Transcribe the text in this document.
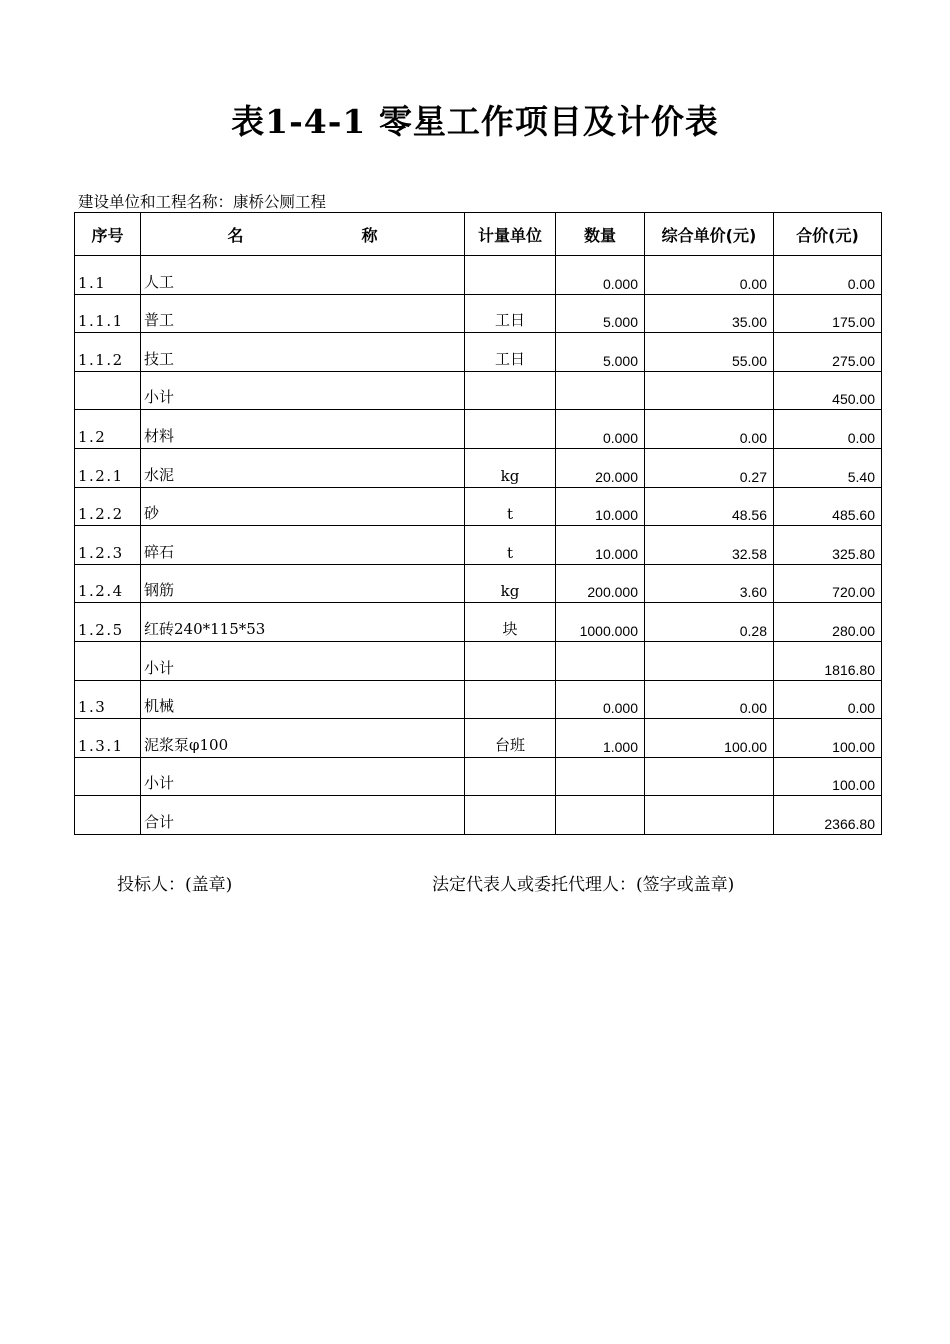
表1-4-1 零星工作项目及计价表
建设单位和工程名称：康桥公厕工程
序号	名 称	计量单位	数量	综合单价(元)	合价(元)
1.1	人工		0.000	0.00	0.00
1.1.1	普工	工日	5.000	35.00	175.00
1.1.2	技工	工日	5.000	55.00	275.00
	小计				450.00
1.2	材料		0.000	0.00	0.00
1.2.1	水泥	kg	20.000	0.27	5.40
1.2.2	砂	t	10.000	48.56	485.60
1.2.3	碎石	t	10.000	32.58	325.80
1.2.4	钢筋	kg	200.000	3.60	720.00
1.2.5	红砖240*115*53	块	1000.000	0.28	280.00
	小计				1816.80
1.3	机械		0.000	0.00	0.00
1.3.1	泥浆泵φ100	台班	1.000	100.00	100.00
	小计				100.00
	合计				2366.80
投标人：(盖章)	法定代表人或委托代理人：(签字或盖章)
